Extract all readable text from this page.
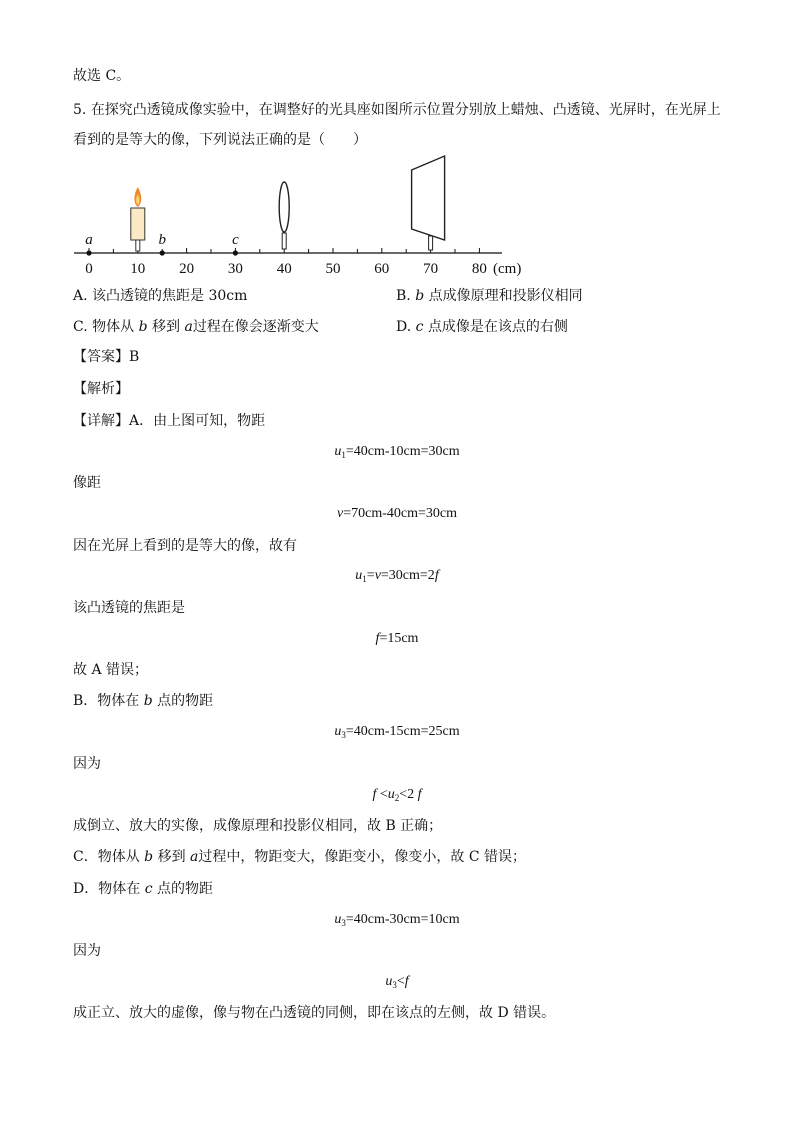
故选 C。
5. 在探究凸透镜成像实验中，在调整好的光具座如图所示位置分别放上蜡烛、凸透镜、光屏时，在光屏上
看到的是等大的像，下列说法正确的是（　　）
0	10 20 30 40 50 60 70 80
a	b	c
(cm)
A. 该凸透镜的焦距是 30cm	B. b 点成像原理和投影仪相同
C. 物体从 b 移到 a过程在像会逐渐变大	D. c 点成像是在该点的右侧
【答案】B
【解析】
【详解】A．由上图可知，物距
$u_1=40cm-10cm=30cm$
像距
v=70cm-40cm=30cm
因在光屏上看到的是等大的像，故有
$u_1=v=30cm=2f$
该凸透镜的焦距是
f=15cm
故 A 错误；
B．物体在 b 点的物距
$u_3=40cm-15cm=25cm$
因为
$f <u_2<2$ f
成倒立、放大的实像，成像原理和投影仪相同，故 B 正确；
C．物体从 b 移到 a过程中，物距变大，像距变小，像变小，故 C 错误；
D．物体在 c 点的物距
$u_3=40cm-30cm=10cm$
因为
$u_3<f$
成正立、放大的虚像，像与物在凸透镜的同侧，即在该点的左侧，故 D 错误。
